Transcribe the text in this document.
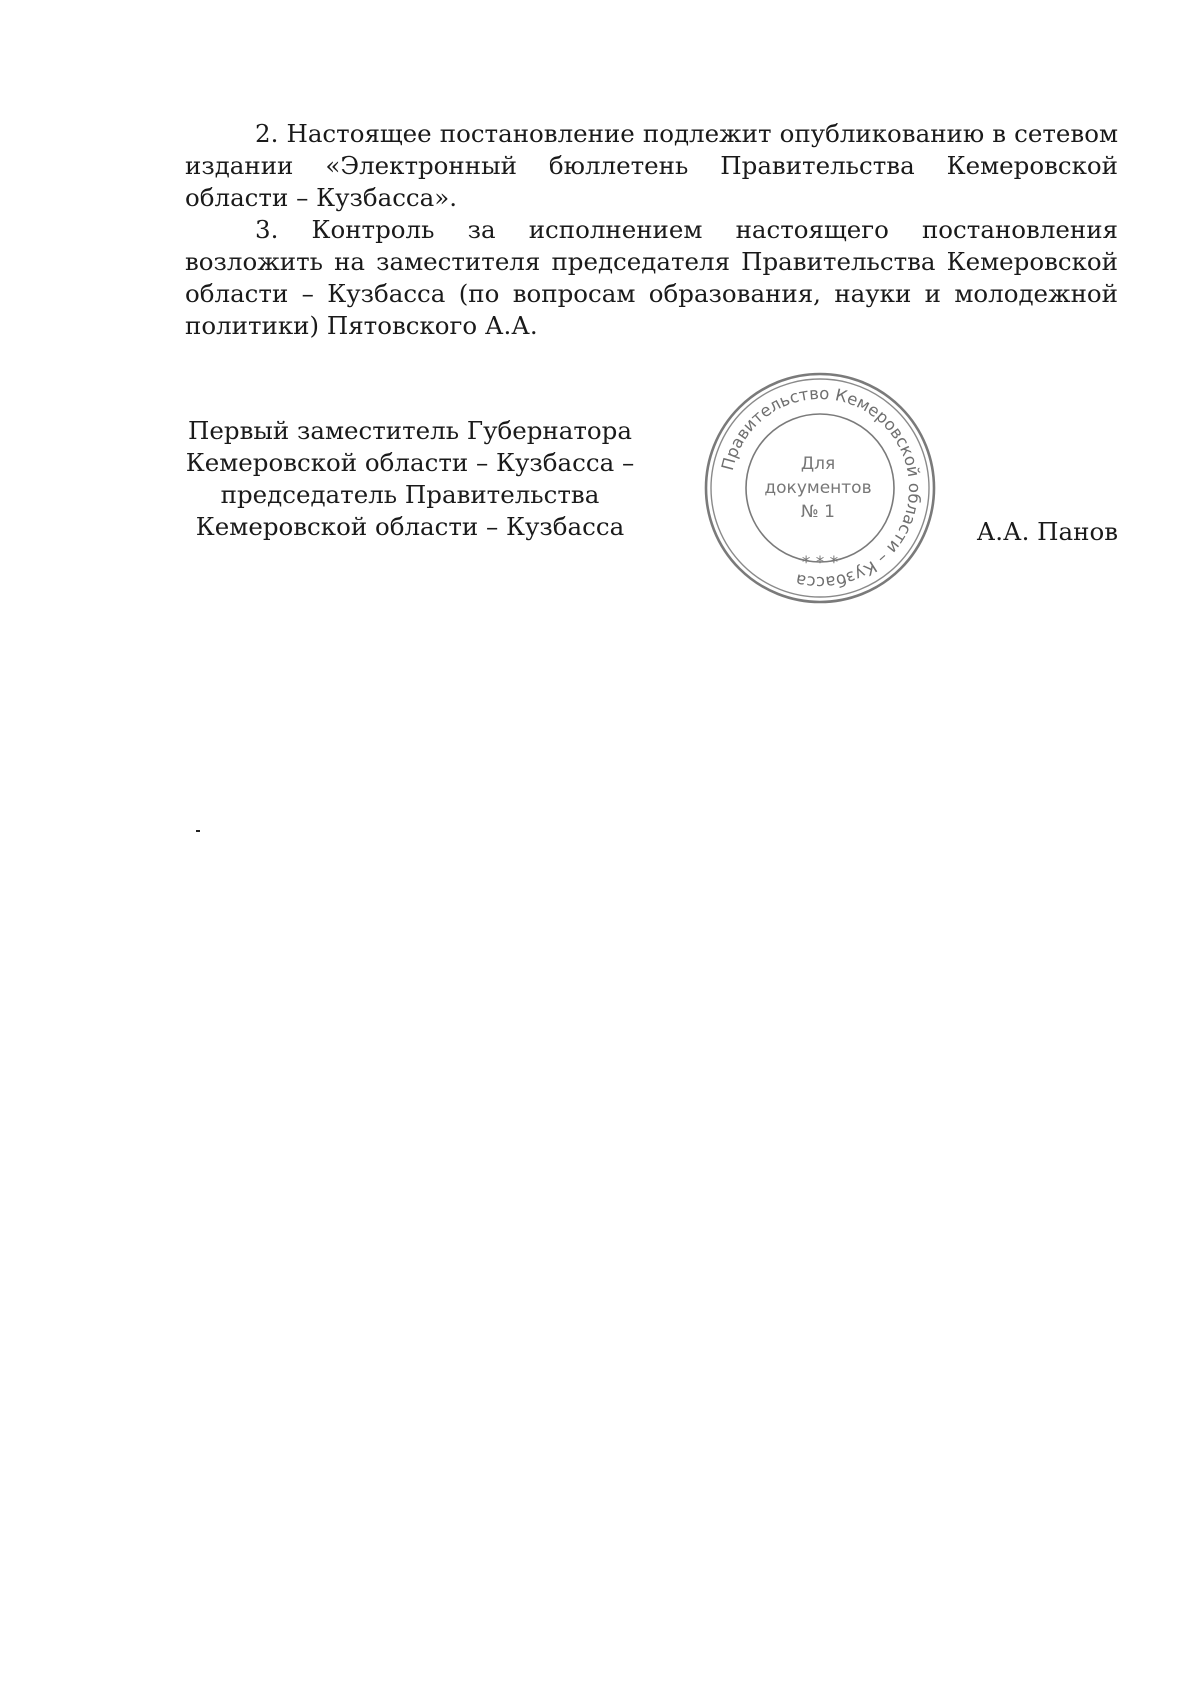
2. Настоящее постановление подлежит опубликованию в сетевом издании «Электронный бюллетень Правительства Кемеровской области – Кузбасса».

3. Контроль за исполнением настоящего постановления возложить на заместителя председателя Правительства Кемеровской области – Кузбасса (по вопросам образования, науки и молодежной политики) Пятовского А.А.

Первый заместитель Губернатора
Кемеровской области – Кузбасса –
председатель Правительства
Кемеровской области – Кузбасса
Правительство Кемеровской области – Кузбасса
* * *
Для
документов
№ 1
А.А. Панов
